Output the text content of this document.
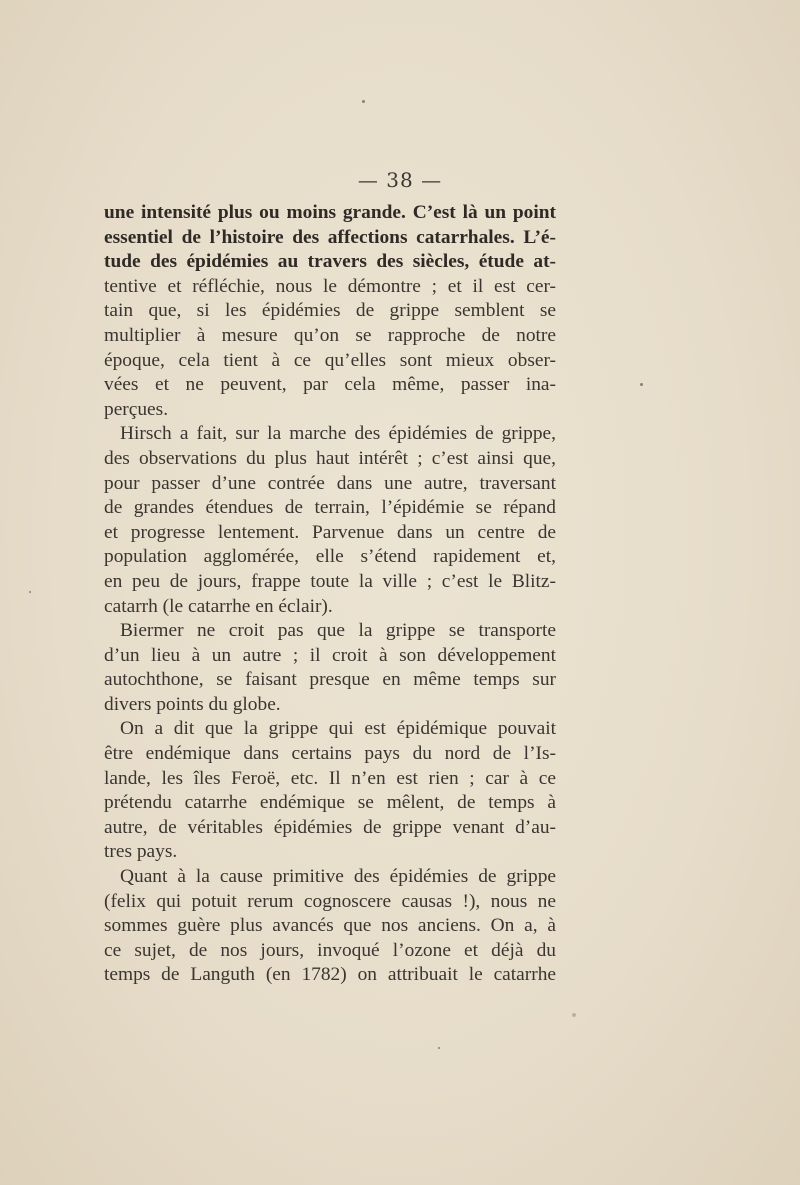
— 38 —
une intensité plus ou moins grande. C’est là un point
essentiel de l’histoire des affections catarrhales. L’é-
tude des épidémies au travers des siècles, étude at-
tentive et réfléchie, nous le démontre ; et il est cer-
tain que, si les épidémies de grippe semblent se
multiplier à mesure qu’on se rapproche de notre
époque, cela tient à ce qu’elles sont mieux obser-
vées et ne peuvent, par cela même, passer ina-
perçues.
Hirsch a fait, sur la marche des épidémies de grippe,
des observations du plus haut intérêt ; c’est ainsi que,
pour passer d’une contrée dans une autre, traversant
de grandes étendues de terrain, l’épidémie se répand
et progresse lentement. Parvenue dans un centre de
population agglomérée, elle s’étend rapidement et,
en peu de jours, frappe toute la ville ; c’est le Blitz-
catarrh (le catarrhe en éclair).
Biermer ne croit pas que la grippe se transporte
d’un lieu à un autre ; il croit à son développement
autochthone, se faisant presque en même temps sur
divers points du globe.
On a dit que la grippe qui est épidémique pouvait
être endémique dans certains pays du nord de l’Is-
lande, les îles Feroë, etc. Il n’en est rien ; car à ce
prétendu catarrhe endémique se mêlent, de temps à
autre, de véritables épidémies de grippe venant d’au-
tres pays.
Quant à la cause primitive des épidémies de grippe
(felix qui potuit rerum cognoscere causas !), nous ne
sommes guère plus avancés que nos anciens. On a, à
ce sujet, de nos jours, invoqué l’ozone et déjà du
temps de Languth (en 1782) on attribuait le catarrhe
